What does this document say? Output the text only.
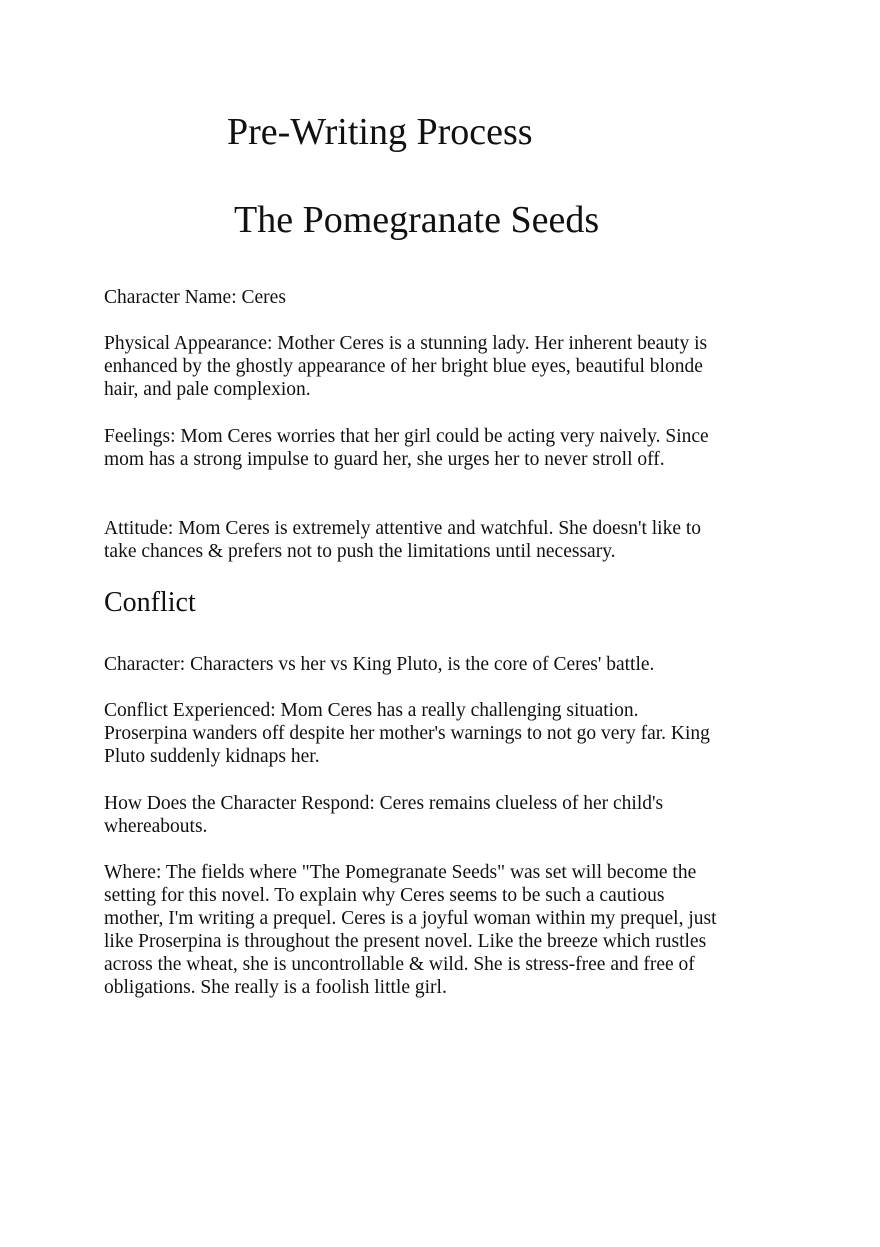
Pre-Writing Process
The Pomegranate Seeds

Character Name: Ceres

Physical Appearance: Mother Ceres is a stunning lady. Her inherent beauty is enhanced by the ghostly appearance of her bright blue eyes, beautiful blonde hair, and pale complexion.

Feelings: Mom Ceres worries that her girl could be acting very naively. Since mom has a strong impulse to guard her, she urges her to never stroll off.

Attitude: Mom Ceres is extremely attentive and watchful. She doesn't like to take chances & prefers not to push the limitations until necessary.

Conflict

Character: Characters vs her vs King Pluto, is the core of Ceres' battle.

Conflict Experienced: Mom Ceres has a really challenging situation. Proserpina wanders off despite her mother's warnings to not go very far. King Pluto suddenly kidnaps her.

How Does the Character Respond: Ceres remains clueless of her child's whereabouts.

Where: The fields where "The Pomegranate Seeds" was set will become the setting for this novel. To explain why Ceres seems to be such a cautious mother, I'm writing a prequel. Ceres is a joyful woman within my prequel, just like Proserpina is throughout the present novel. Like the breeze which rustles across the wheat, she is uncontrollable & wild. She is stress-free and free of obligations. She really is a foolish little girl.
